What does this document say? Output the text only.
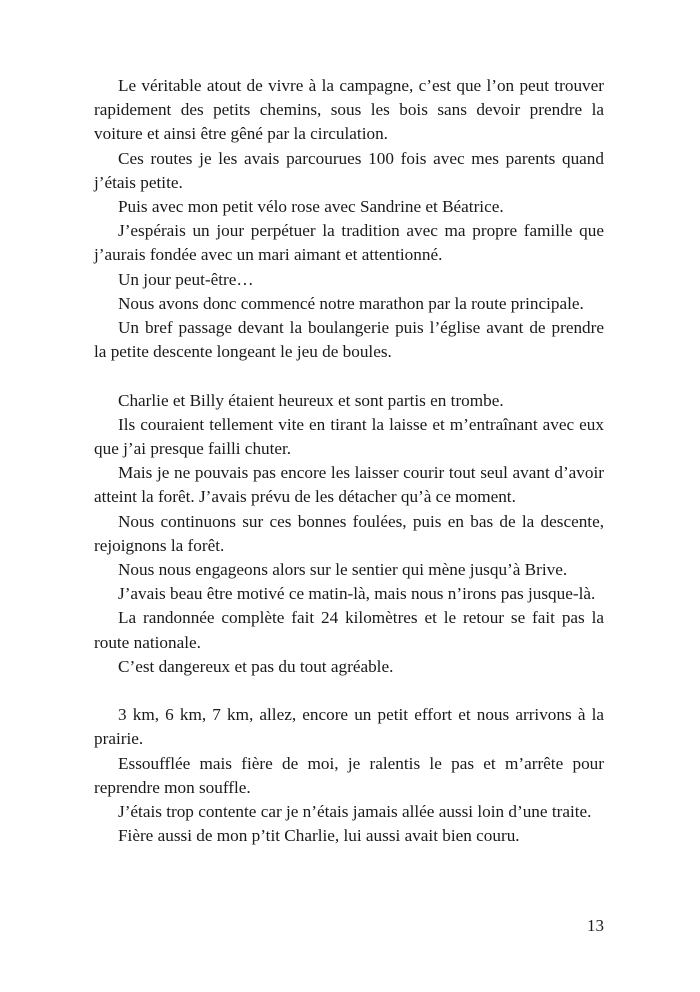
Le véritable atout de vivre à la campagne, c’est que l’on peut trouver rapidement des petits chemins, sous les bois sans devoir prendre la voiture et ainsi être gêné par la circulation.

Ces routes je les avais parcourues 100 fois avec mes parents quand j’étais petite.

Puis avec mon petit vélo rose avec Sandrine et Béatrice.

J’espérais un jour perpétuer la tradition avec ma propre famille que j’aurais fondée avec un mari aimant et attentionné.

Un jour peut-être…

Nous avons donc commencé notre marathon par la route principale.

Un bref passage devant la boulangerie puis l’église avant de prendre la petite descente longeant le jeu de boules.

Charlie et Billy étaient heureux et sont partis en trombe.

Ils couraient tellement vite en tirant la laisse et m’entraînant avec eux que j’ai presque failli chuter.

Mais je ne pouvais pas encore les laisser courir tout seul avant d’avoir atteint la forêt. J’avais prévu de les détacher qu’à ce moment.

Nous continuons sur ces bonnes foulées, puis en bas de la descente, rejoignons la forêt.

Nous nous engageons alors sur le sentier qui mène jusqu’à Brive.

J’avais beau être motivé ce matin-là, mais nous n’irons pas jusque-là.

La randonnée complète fait 24 kilomètres et le retour se fait pas la route nationale.

C’est dangereux et pas du tout agréable.

3 km, 6 km, 7 km, allez, encore un petit effort et nous arrivons à la prairie.

Essoufflée mais fière de moi, je ralentis le pas et m’arrête pour reprendre mon souffle.

J’étais trop contente car je n’étais jamais allée aussi loin d’une traite.

Fière aussi de mon p’tit Charlie, lui aussi avait bien couru.

13
